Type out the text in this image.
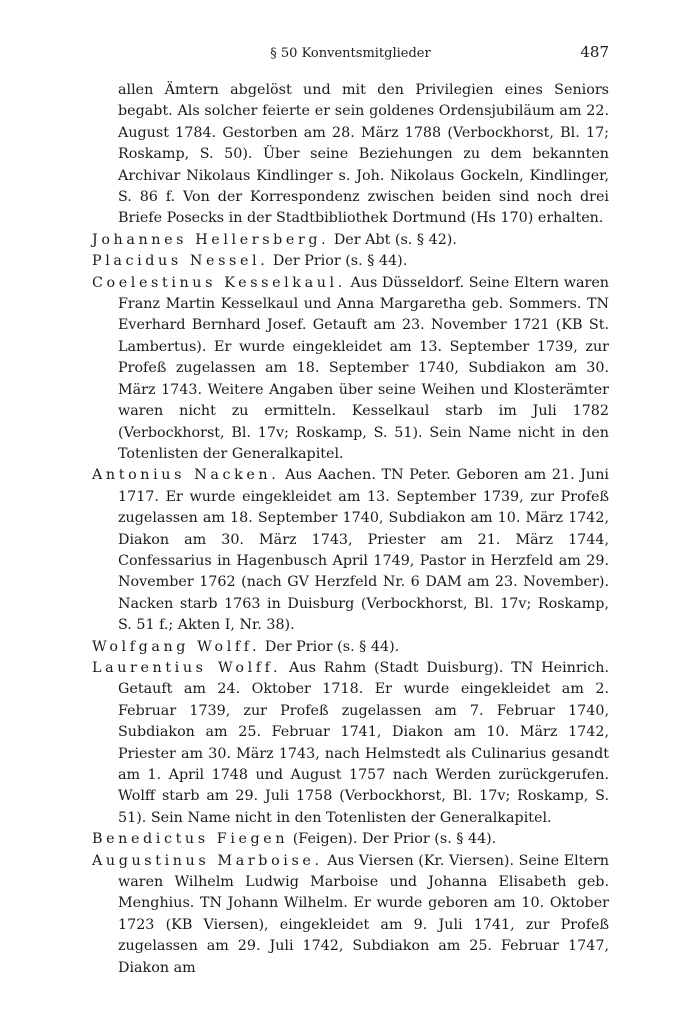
§ 50 Konventsmitglieder	487

allen Ämtern abgelöst und mit den Privilegien eines Seniors begabt. Als solcher feierte er sein goldenes Ordensjubiläum am 22. August 1784. Gestorben am 28. März 1788 (Verbockhorst, Bl. 17; Roskamp, S. 50). Über seine Beziehungen zu dem bekannten Archivar Nikolaus Kindlinger s. Joh. Nikolaus Gockeln, Kindlinger, S. 86 f. Von der Korrespondenz zwischen beiden sind noch drei Briefe Posecks in der Stadtbibliothek Dortmund (Hs 170) erhalten.

Johannes Hellersberg. Der Abt (s. § 42).

Placidus Nessel. Der Prior (s. § 44).

Coelestinus Kesselkaul. Aus Düsseldorf. Seine Eltern waren Franz Martin Kesselkaul und Anna Margaretha geb. Sommers. TN Everhard Bernhard Josef. Getauft am 23. November 1721 (KB St. Lambertus). Er wurde eingekleidet am 13. September 1739, zur Profeß zugelassen am 18. September 1740, Subdiakon am 30. März 1743. Weitere Angaben über seine Weihen und Klosterämter waren nicht zu ermitteln. Kesselkaul starb im Juli 1782 (Verbockhorst, Bl. 17v; Roskamp, S. 51). Sein Name nicht in den Totenlisten der Generalkapitel.

Antonius Nacken. Aus Aachen. TN Peter. Geboren am 21. Juni 1717. Er wurde eingekleidet am 13. September 1739, zur Profeß zugelassen am 18. September 1740, Subdiakon am 10. März 1742, Diakon am 30. März 1743, Priester am 21. März 1744, Confessarius in Hagenbusch April 1749, Pastor in Herzfeld am 29. November 1762 (nach GV Herzfeld Nr. 6 DAM am 23. November). Nacken starb 1763 in Duisburg (Verbockhorst, Bl. 17v; Roskamp, S. 51 f.; Akten I, Nr. 38).

Wolfgang Wolff. Der Prior (s. § 44).

Laurentius Wolff. Aus Rahm (Stadt Duisburg). TN Heinrich. Getauft am 24. Oktober 1718. Er wurde eingekleidet am 2. Februar 1739, zur Profeß zugelassen am 7. Februar 1740, Subdiakon am 25. Februar 1741, Diakon am 10. März 1742, Priester am 30. März 1743, nach Helmstedt als Culinarius gesandt am 1. April 1748 und August 1757 nach Werden zurückgerufen. Wolff starb am 29. Juli 1758 (Verbockhorst, Bl. 17v; Roskamp, S. 51). Sein Name nicht in den Totenlisten der Generalkapitel.

Benedictus Fiegen (Feigen). Der Prior (s. § 44).

Augustinus Marboise. Aus Viersen (Kr. Viersen). Seine Eltern waren Wilhelm Ludwig Marboise und Johanna Elisabeth geb. Menghius. TN Johann Wilhelm. Er wurde geboren am 10. Oktober 1723 (KB Viersen), eingekleidet am 9. Juli 1741, zur Profeß zugelassen am 29. Juli 1742, Subdiakon am 25. Februar 1747, Diakon am
